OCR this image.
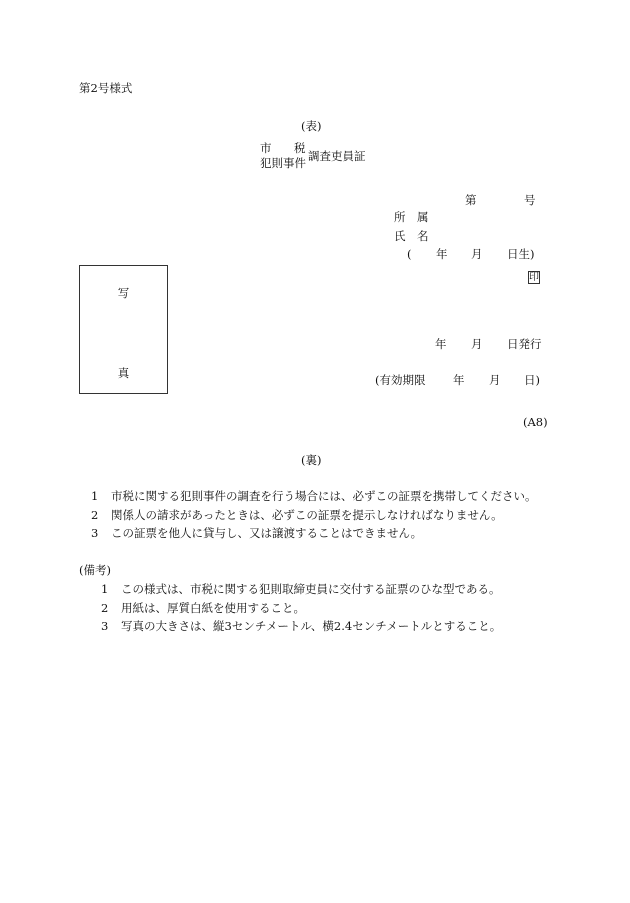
第2号様式
(表)
市 税
犯則事件 調査吏員証
第	号
所　属
氏　名
( 年 月 日生)
印
写
真
年 月 日発行
(有効期限 年 月 日)
(A8)
(裏)
1 市税に関する犯則事件の調査を行う場合には、必ずこの証票を携帯してください。
2 関係人の請求があったときは、必ずこの証票を提示しなければなりません。
3 この証票を他人に貸与し、又は譲渡することはできません。
(備考)
1 この様式は、市税に関する犯則取締吏員に交付する証票のひな型である。
2 用紙は、厚質白紙を使用すること。
3 写真の大きさは、縦3センチメートル、横2.4センチメートルとすること。
